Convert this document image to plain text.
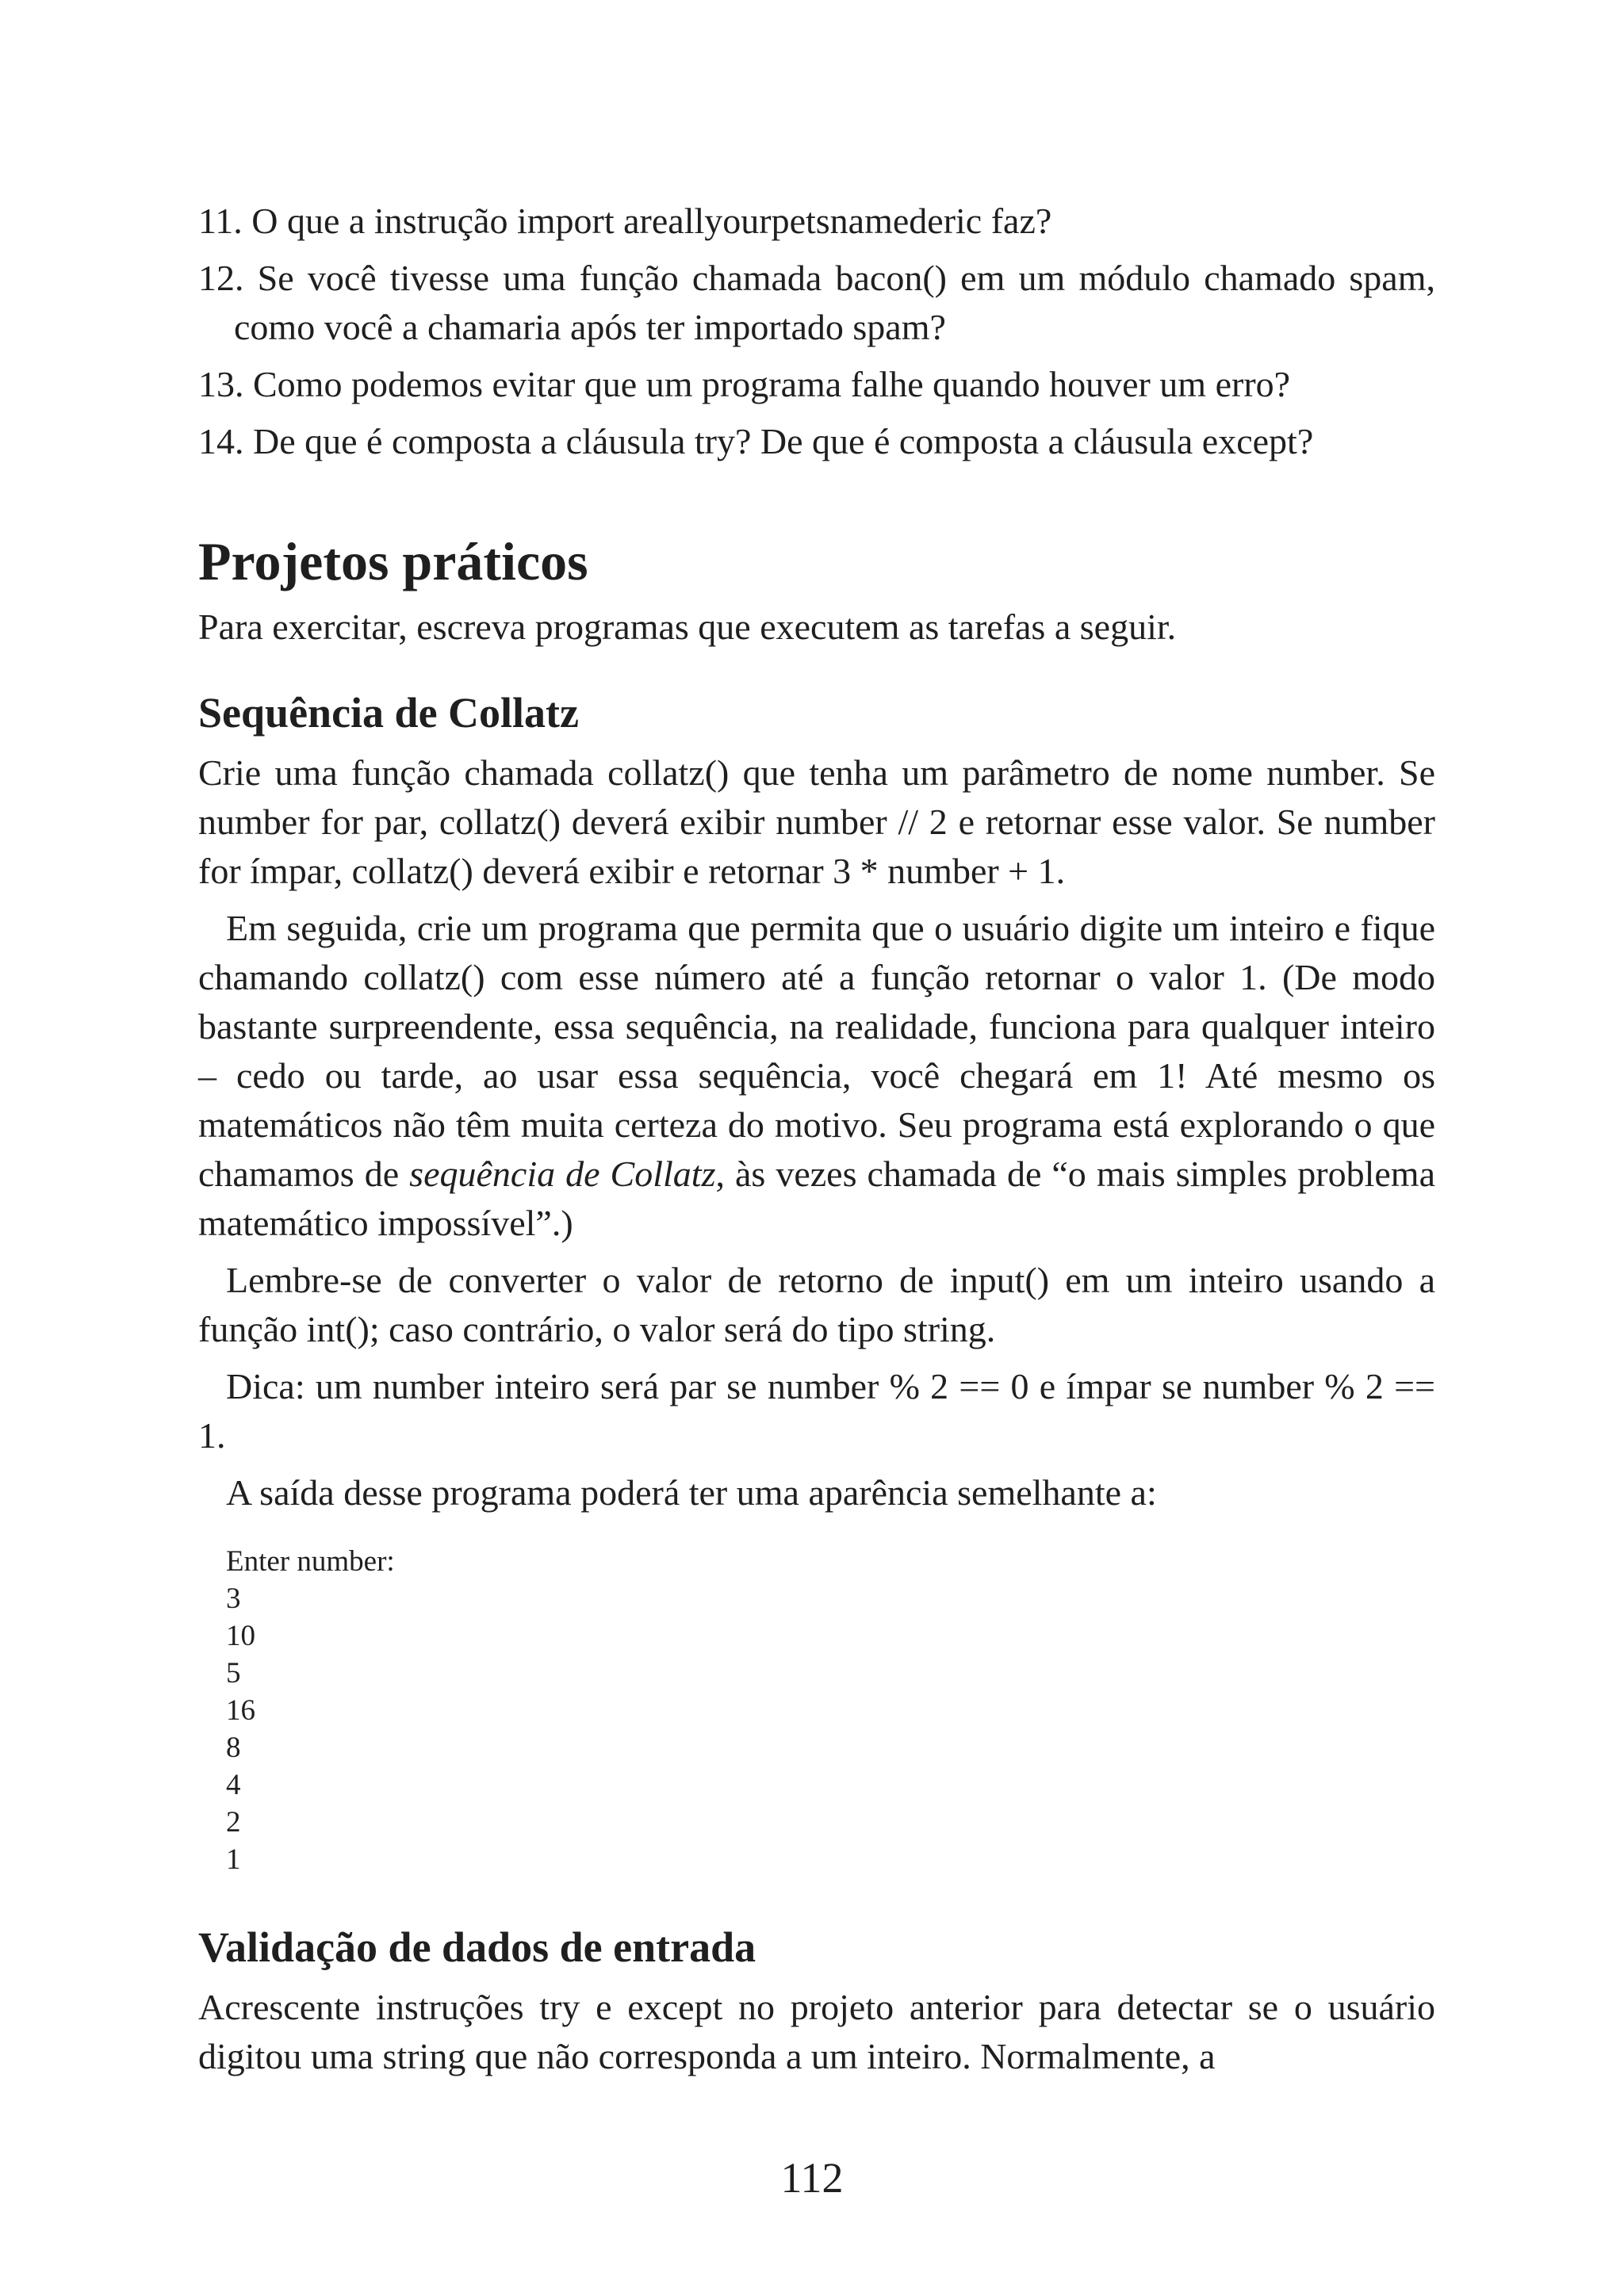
11. O que a instrução import areallyourpetsnamederic faz?
12. Se você tivesse uma função chamada bacon() em um módulo chamado spam, como você a chamaria após ter importado spam?
13. Como podemos evitar que um programa falhe quando houver um erro?
14. De que é composta a cláusula try? De que é composta a cláusula except?
Projetos práticos

Para exercitar, escreva programas que executem as tarefas a seguir.

Sequência de Collatz

Crie uma função chamada collatz() que tenha um parâmetro de nome number. Se number for par, collatz() deverá exibir number // 2 e retornar esse valor. Se number for ímpar, collatz() deverá exibir e retornar 3 * number + 1.

Em seguida, crie um programa que permita que o usuário digite um inteiro e fique chamando collatz() com esse número até a função retornar o valor 1. (De modo bastante surpreendente, essa sequência, na realidade, funciona para qualquer inteiro – cedo ou tarde, ao usar essa sequência, você chegará em 1! Até mesmo os matemáticos não têm muita certeza do motivo. Seu programa está explorando o que chamamos de sequência de Collatz, às vezes chamada de “o mais simples problema matemático impossível”.)

Lembre-se de converter o valor de retorno de input() em um inteiro usando a função int(); caso contrário, o valor será do tipo string.

Dica: um number inteiro será par se number % 2 == 0 e ímpar se number % 2 == 1.

A saída desse programa poderá ter uma aparência semelhante a:

Enter number:
3
10
5
16
8
4
2
1
Validação de dados de entrada

Acrescente instruções try e except no projeto anterior para detectar se o usuário digitou uma string que não corresponda a um inteiro. Normalmente, a

112
